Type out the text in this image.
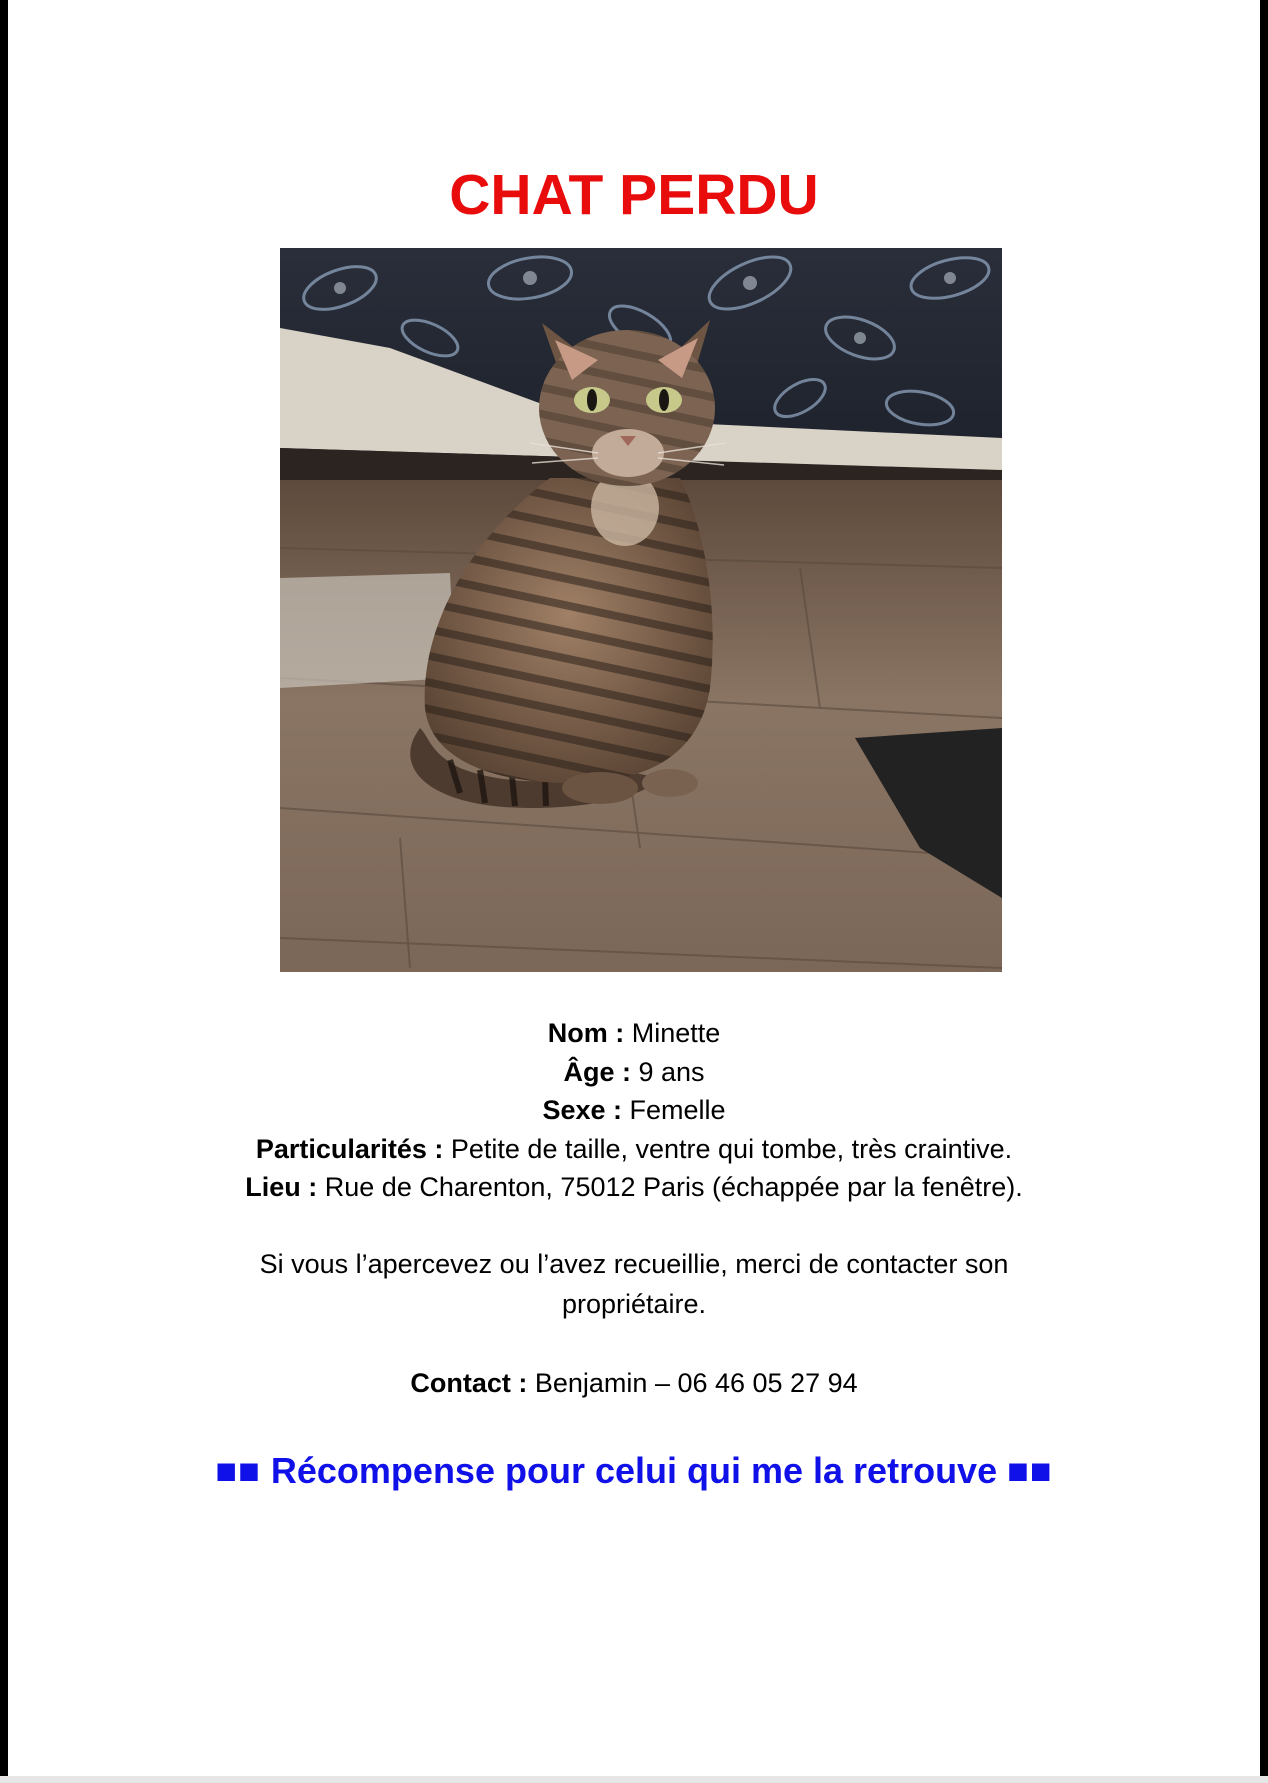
CHAT PERDU

Nom : Minette

Âge : 9 ans

Sexe : Femelle

Particularités : Petite de taille, ventre qui tombe, très craintive.

Lieu : Rue de Charenton, 75012 Paris (échappée par la fenêtre).

Si vous l’apercevez ou l’avez recueillie, merci de contacter son

propriétaire.

Contact : Benjamin – 06 46 05 27 94
■■ Récompense pour celui qui me la retrouve ■■
